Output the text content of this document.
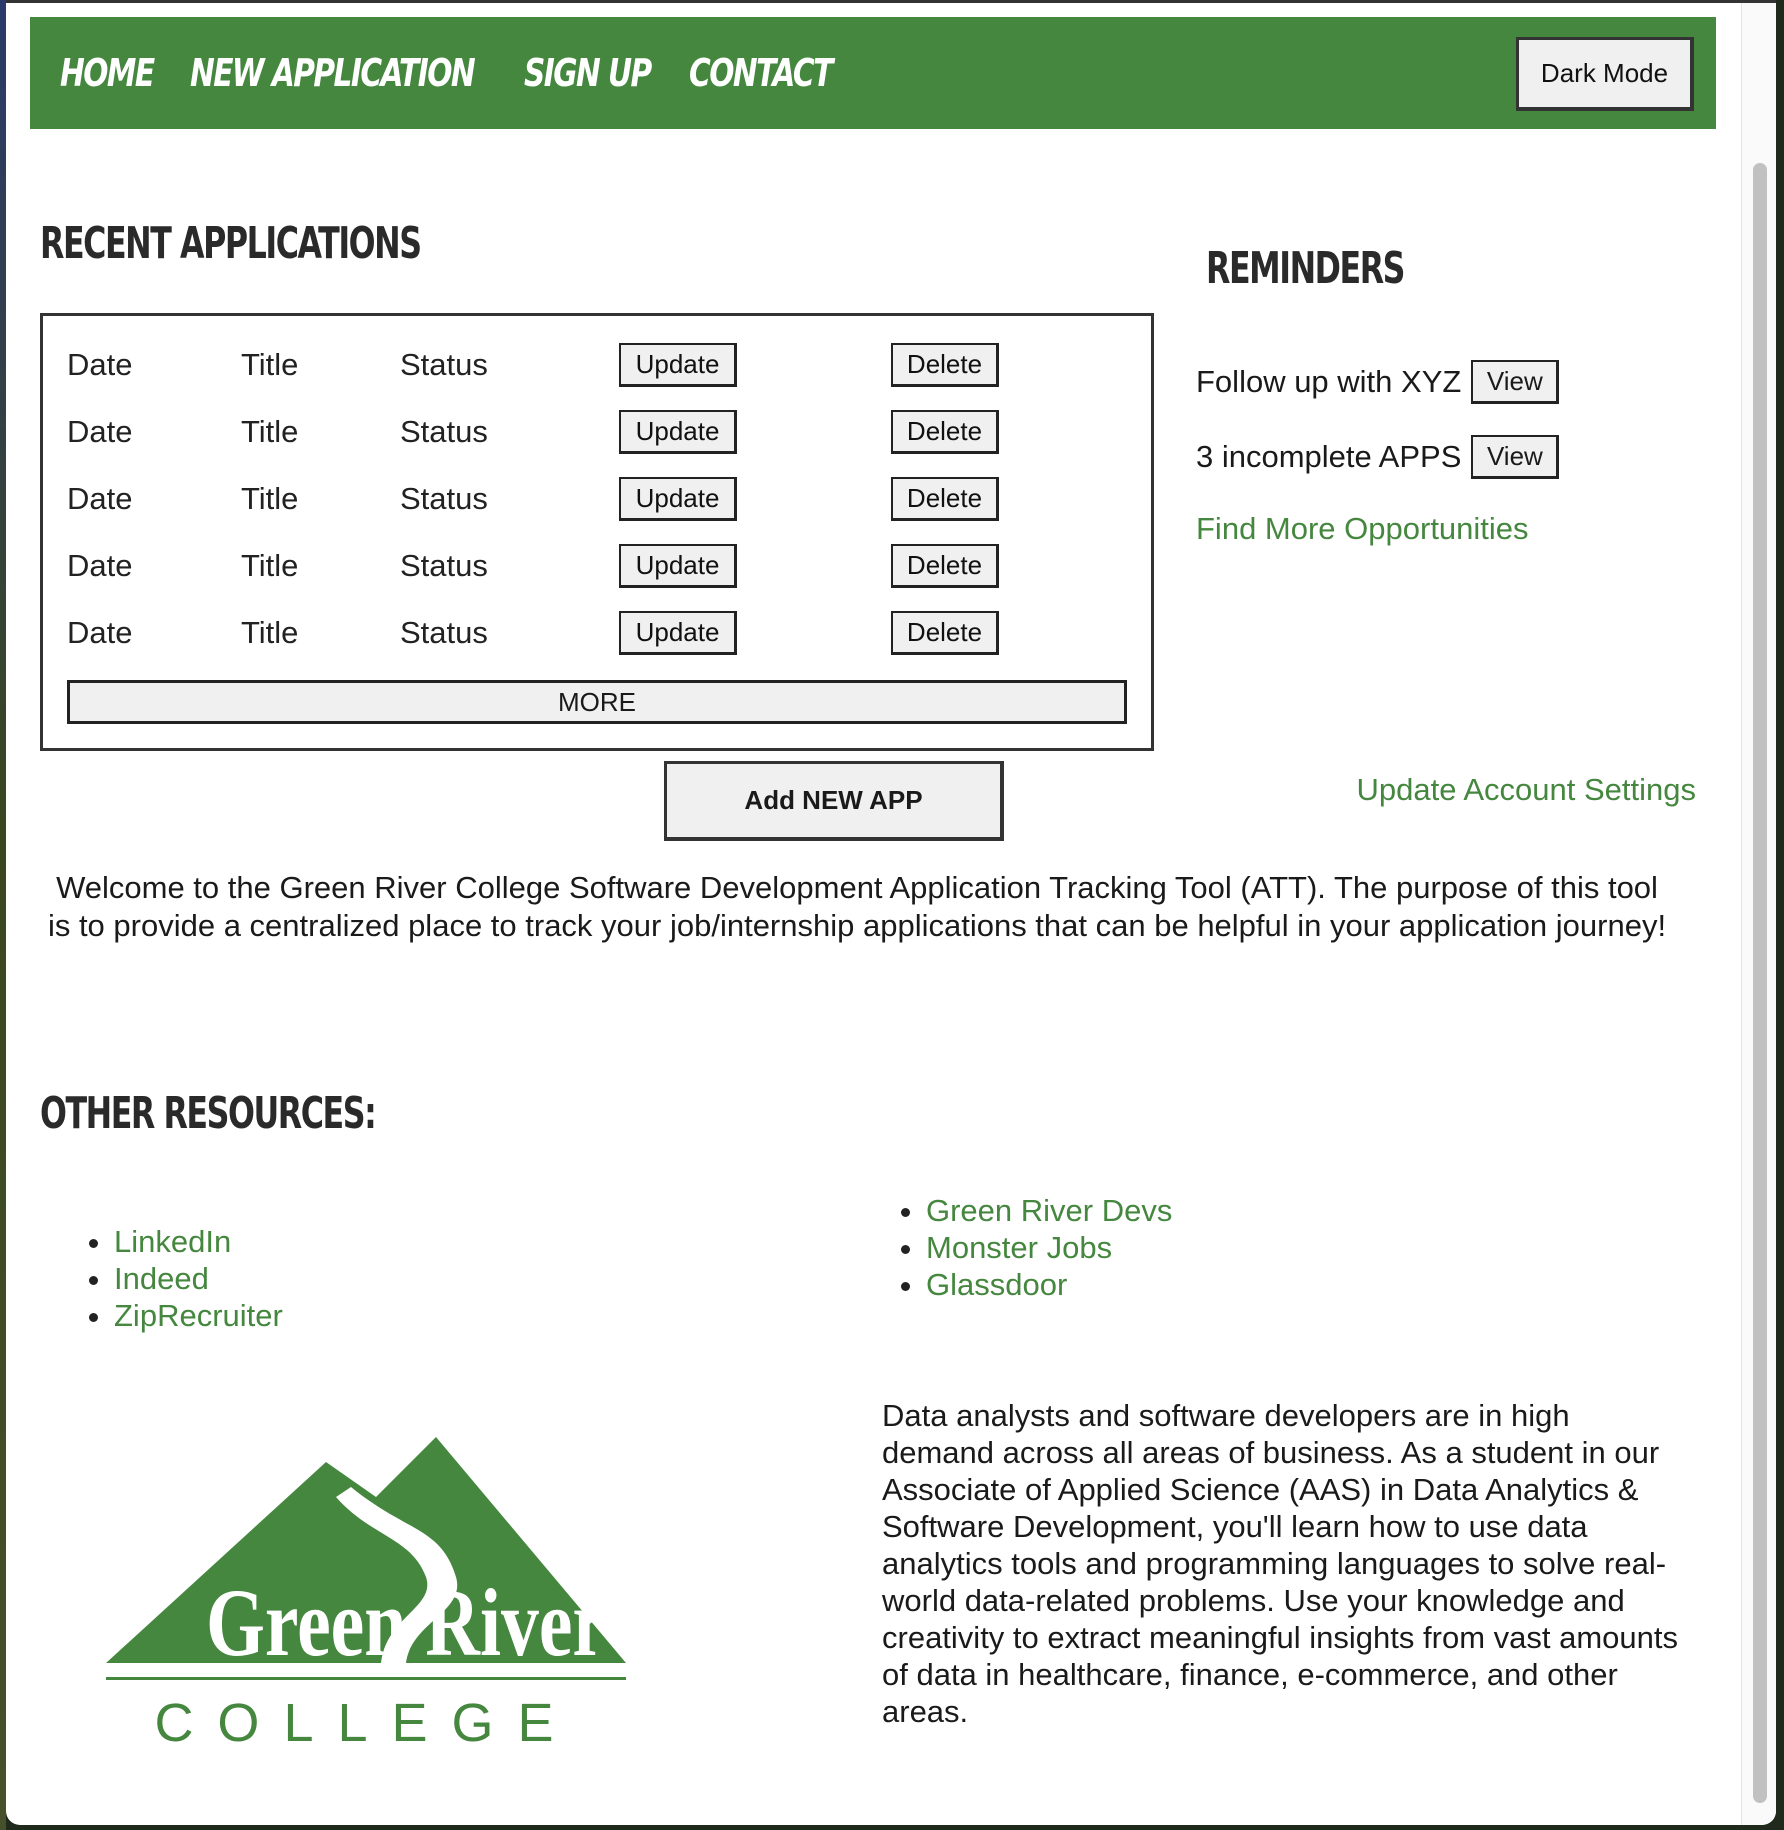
HOME NEW APPLICATION SIGN UP CONTACT	Dark Mode
RECENT APPLICATIONS
Date	Title	Status	Update	Delete
Date	Title	Status	Update	Delete
Date	Title	Status	Update	Delete
Date	Title	Status	Update	Delete
Date	Title	Status	Update	Delete
MORE
Add NEW APP
REMINDERS
Follow up with XYZ View
3 incomplete APPS View
Find More Opportunities
Update Account Settings
Welcome to the Green River College Software Development Application Tracking Tool (ATT). The purpose of this tool is to provide a centralized place to track your job/internship applications that can be helpful in your application journey!
OTHER RESOURCES:
• LinkedIn
• Indeed
• ZipRecruiter
• Green River Devs
• Monster Jobs
• Glassdoor
Green River
COLLEGE
Data analysts and software developers are in high demand across all areas of business. As a student in our Associate of Applied Science (AAS) in Data Analytics & Software Development, you'll learn how to use data analytics tools and programming languages to solve real-world data-related problems. Use your knowledge and creativity to extract meaningful insights from vast amounts of data in healthcare, finance, e-commerce, and other areas.
